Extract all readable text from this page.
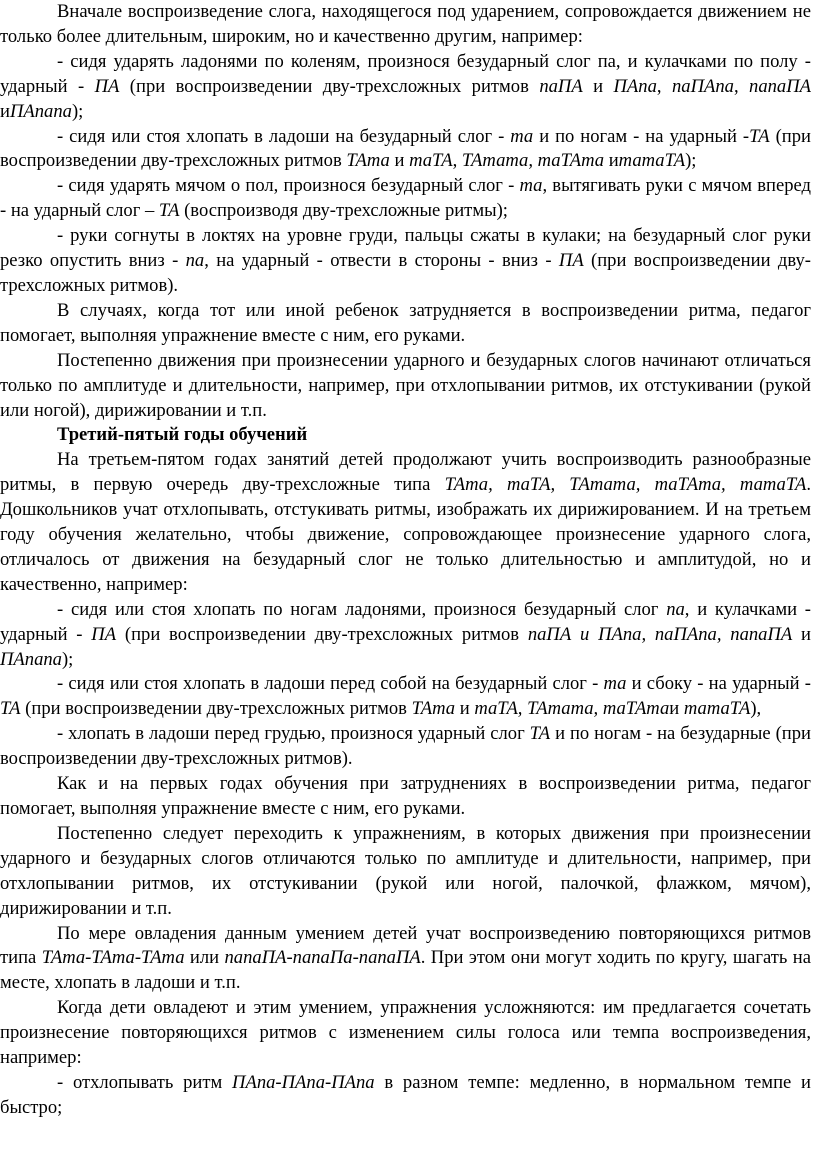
Вначале воспроизведение слога, находящегося под ударением, сопровождается движением не только более длительным, широким, но и качественно другим, например:

- сидя ударять ладонями по коленям, произнося безударный слог па, и кулачками по полу - ударный - ПА (при воспроизведении дву-трехсложных ритмов паПА и ПАпа, паПАпа, папаПА иПАпапа);

- сидя или стоя хлопать в ладоши на безударный слог - та и по ногам - на ударный -ТА (при воспроизведении дву-трехсложных ритмов ТАта и таТА, ТАтата, таТАта итатаТА);

- сидя ударять мячом о пол, произнося безударный слог - та, вытягивать руки с мячом вперед - на ударный слог – ТА (воспроизводя дву-трехсложные ритмы);

- руки согнуты в локтях на уровне груди, пальцы сжаты в кулаки; на безударный слог руки резко опустить вниз - па, на ударный - отвести в стороны - вниз - ПА (при воспроизведении дву-трехсложных ритмов).

В случаях, когда тот или иной ребенок затрудняется в воспроизведении ритма, педагог помогает, выполняя упражнение вместе с ним, его руками.

Постепенно движения при произнесении ударного и безударных слогов начинают отличаться только по амплитуде и длительности, например, при отхлопывании ритмов, их отстукивании (рукой или ногой), дирижировании и т.п.

Третий-пятый годы обучений

На третьем-пятом годах занятий детей продолжают учить воспроизводить разнообразные ритмы, в первую очередь дву-трехсложные типа ТАта, таТА, ТАтата, таТАта, татаТА. Дошкольников учат отхлопывать, отстукивать ритмы, изображать их дирижированием. И на третьем году обучения желательно, чтобы движение, сопровождающее произнесение ударного слога, отличалось от движения на безударный слог не только длительностью и амплитудой, но и качественно, например:

- сидя или стоя хлопать по ногам ладонями, произнося безударный слог па, и кулачками - ударный - ПА (при воспроизведении дву-трехсложных ритмов паПА и ПАпа, паПАпа, папаПА и ПАпапа);

- сидя или стоя хлопать в ладоши перед собой на безударный слог - та и сбоку - на ударный - ТА (при воспроизведении дву-трехсложных ритмов ТАта и таТА, ТАтата, таТАтаи татаТА),

- хлопать в ладоши перед грудью, произнося ударный слог ТА и по ногам - на безударные (при воспроизведении дву-трехсложных ритмов).

Как и на первых годах обучения при затруднениях в воспроизведении ритма, педагог помогает, выполняя упражнение вместе с ним, его руками.

Постепенно следует переходить к упражнениям, в которых движения при произнесении ударного и безударных слогов отличаются только по амплитуде и длительности, например, при отхлопывании ритмов, их отстукивании (рукой или ногой, палочкой, флажком, мячом), дирижировании и т.п.

По мере овладения данным умением детей учат воспроизведению повторяющихся ритмов типа ТАта-ТАта-ТАта или папаПА-папаПа-папаПА. При этом они могут ходить по кругу, шагать на месте, хлопать в ладоши и т.п.

Когда дети овладеют и этим умением, упражнения усложняются: им предлагается сочетать произнесение повторяющихся ритмов с изменением силы голоса или темпа воспроизведения, например:

- отхлопывать ритм ПАпа-ПАпа-ПАпа в разном темпе: медленно, в нормальном темпе и быстро;
